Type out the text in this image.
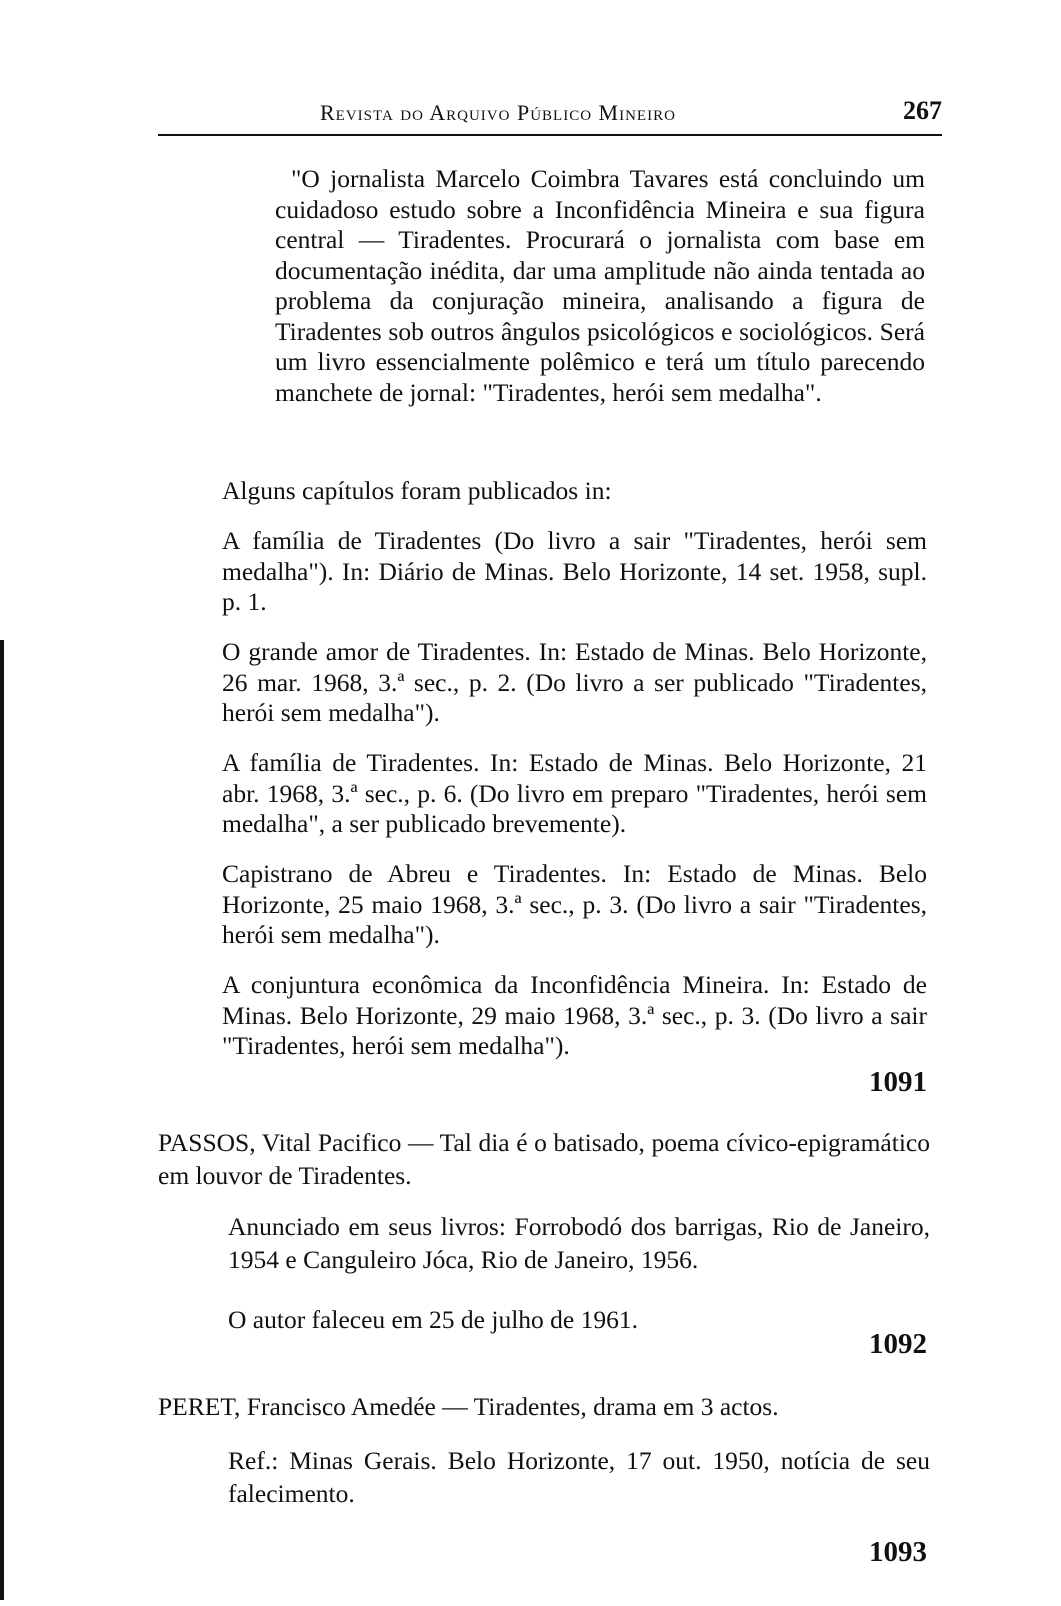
Revista do Arquivo Público Mineiro	267
"O jornalista Marcelo Coimbra Tavares está concluindo um cuidadoso estudo sobre a Inconfidência Mineira e sua figura central — Tiradentes. Procurará o jornalista com base em documentação inédita, dar uma amplitude não ainda tentada ao problema da conjuração mineira, analisando a figura de Tiradentes sob outros ângulos psicológicos e sociológicos. Será um livro essencialmente polêmico e terá um título parecendo manchete de jornal: "Tiradentes, herói sem medalha".
Alguns capítulos foram publicados in:
A família de Tiradentes (Do livro a sair "Tiradentes, herói sem medalha"). In: Diário de Minas. Belo Horizonte, 14 set. 1958, supl. p. 1.
O grande amor de Tiradentes. In: Estado de Minas. Belo Horizonte, 26 mar. 1968, 3.ª sec., p. 2. (Do livro a ser publicado "Tiradentes, herói sem medalha").
A família de Tiradentes. In: Estado de Minas. Belo Horizonte, 21 abr. 1968, 3.ª sec., p. 6. (Do livro em preparo "Tiradentes, herói sem medalha", a ser publicado brevemente).
Capistrano de Abreu e Tiradentes. In: Estado de Minas. Belo Horizonte, 25 maio 1968, 3.ª sec., p. 3. (Do livro a sair "Tiradentes, herói sem medalha").
A conjuntura econômica da Inconfidência Mineira. In: Estado de Minas. Belo Horizonte, 29 maio 1968, 3.ª sec., p. 3. (Do livro a sair "Tiradentes, herói sem medalha").
1091
PASSOS, Vital Pacifico — Tal dia é o batisado, poema cívico-epigramático em louvor de Tiradentes.
Anunciado em seus livros: Forrobodó dos barrigas, Rio de Janeiro, 1954 e Canguleiro Jóca, Rio de Janeiro, 1956.
O autor faleceu em 25 de julho de 1961.
1092
PERET, Francisco Amedée — Tiradentes, drama em 3 actos.
Ref.: Minas Gerais. Belo Horizonte, 17 out. 1950, notícia de seu falecimento.
1093
